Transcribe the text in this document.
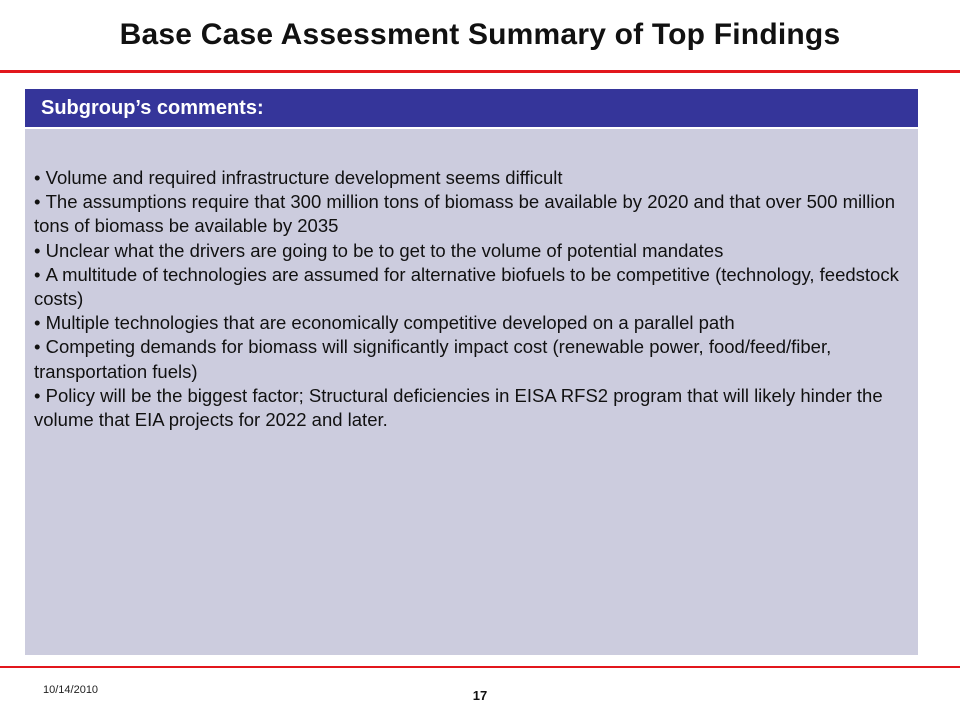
Base Case Assessment Summary of Top Findings
Subgroup’s comments:
• Volume and required infrastructure development seems difficult
• The assumptions require that 300 million tons of biomass be available by 2020 and that over 500 million tons of biomass be available by 2035
• Unclear what the drivers are going to be to get to the volume of potential mandates
• A multitude of technologies are assumed for alternative biofuels to be competitive (technology, feedstock costs)
• Multiple technologies that are economically competitive developed on a parallel path
• Competing demands for biomass will significantly impact cost (renewable power, food/feed/fiber, transportation fuels)
• Policy will be the biggest factor; Structural deficiencies in EISA RFS2 program that will likely hinder the volume that EIA projects for 2022 and later.
10/14/2010	17
